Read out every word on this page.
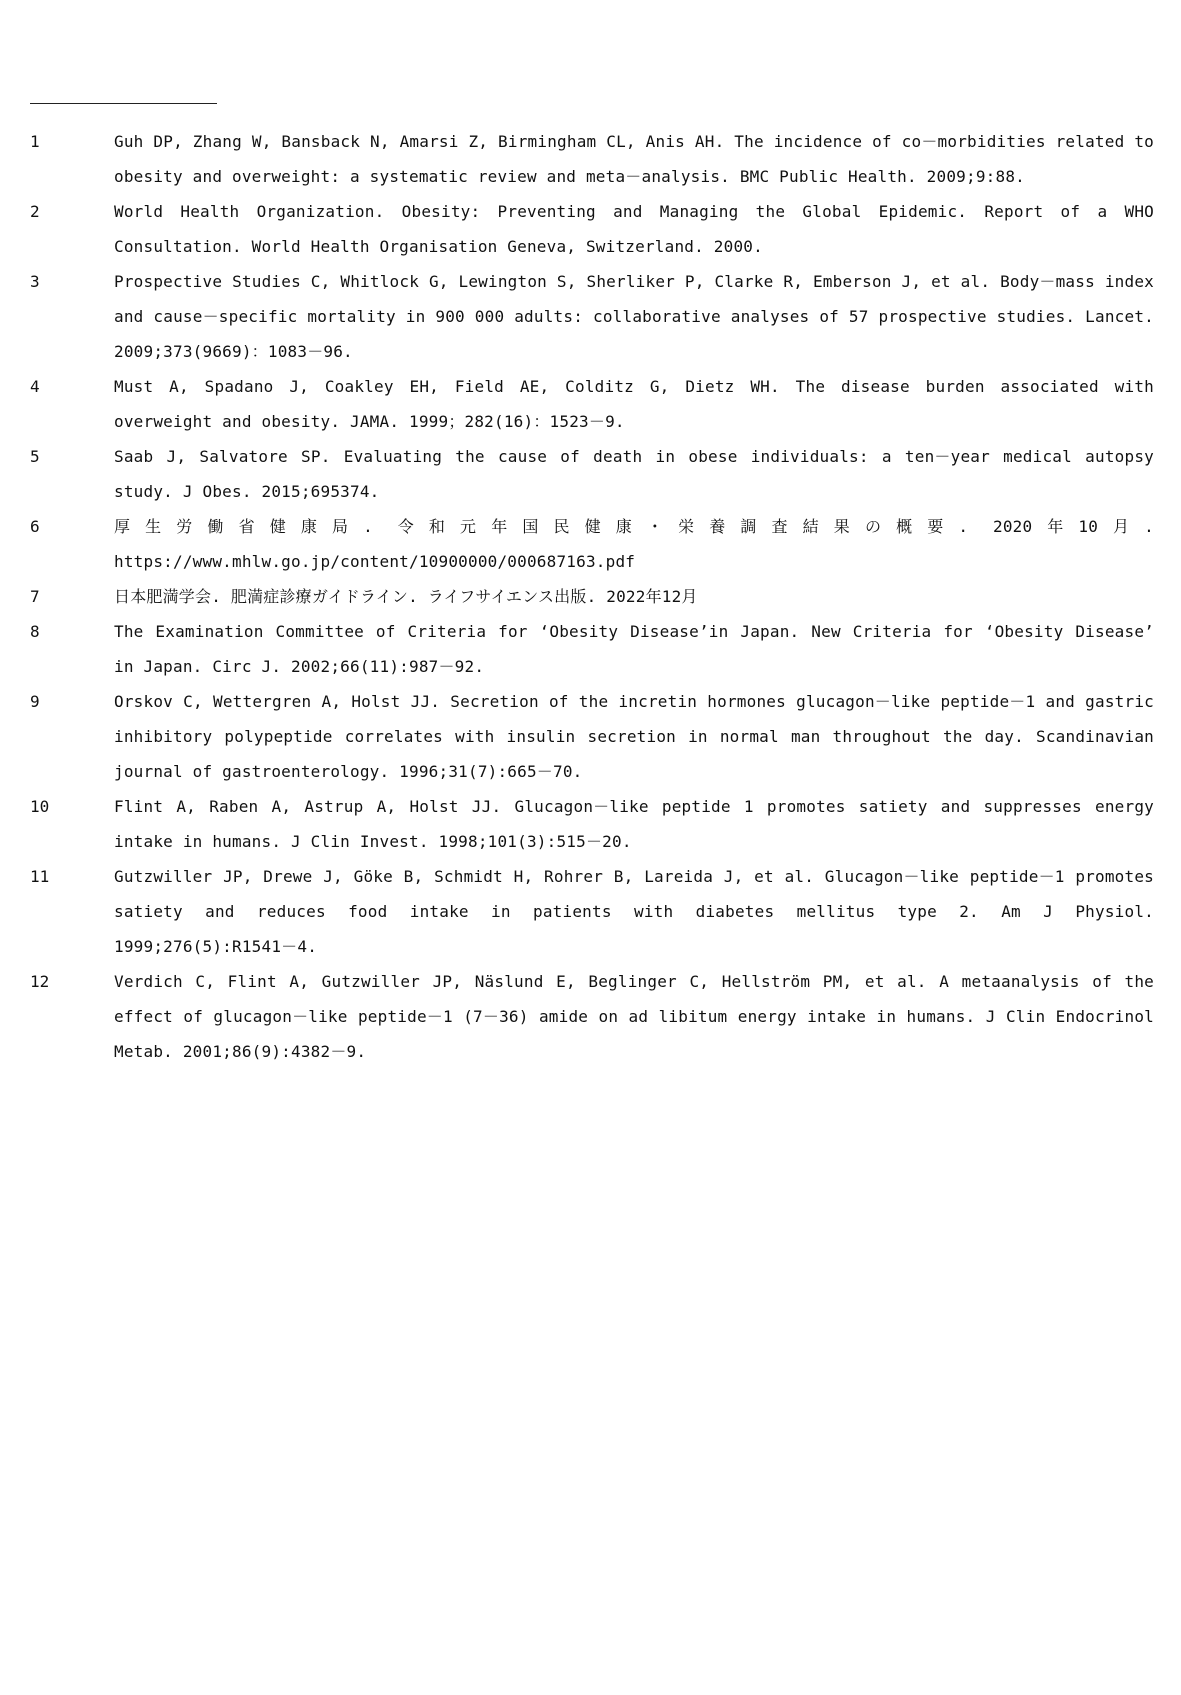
1	Guh DP, Zhang W, Bansback N, Amarsi Z, Birmingham CL, Anis AH. The incidence of co－morbidities related to obesity and overweight: a systematic review and meta－analysis. BMC Public Health. 2009;9:88.
2	World Health Organization. Obesity: Preventing and Managing the Global Epidemic. Report of a WHO Consultation. World Health Organisation Geneva, Switzerland. 2000.
3	Prospective Studies C, Whitlock G, Lewington S, Sherliker P, Clarke R, Emberson J, et al. Body－mass index and cause－specific mortality in 900 000 adults: collaborative analyses of 57 prospective studies. Lancet. 2009;373(9669)：1083－96.
4	Must A, Spadano J, Coakley EH, Field AE, Colditz G, Dietz WH. The disease burden associated with overweight and obesity. JAMA. 1999；282(16)：1523－9.
5	Saab J, Salvatore SP. Evaluating the cause of death in obese individuals: a ten－year medical autopsy study. J Obes. 2015;695374.
6	厚生労働省健康局. 令和元年国民健康・栄養調査結果の概要. 2020年10月. https://www.mhlw.go.jp/content/10900000/000687163.pdf
7	日本肥満学会. 肥満症診療ガイドライン. ライフサイエンス出版. 2022年12月
8	The Examination Committee of Criteria for ‘Obesity Disease’in Japan. New Criteria for ‘Obesity Disease’ in Japan. Circ J. 2002;66(11):987－92.
9	Orskov C, Wettergren A, Holst JJ. Secretion of the incretin hormones glucagon－like peptide－1 and gastric inhibitory polypeptide correlates with insulin secretion in normal man throughout the day. Scandinavian journal of gastroenterology. 1996;31(7):665－70.
10	Flint A, Raben A, Astrup A, Holst JJ. Glucagon－like peptide 1 promotes satiety and suppresses energy intake in humans. J Clin Invest. 1998;101(3):515－20.
11	Gutzwiller JP, Drewe J, Göke B, Schmidt H, Rohrer B, Lareida J, et al. Glucagon－like peptide－1 promotes satiety and reduces food intake in patients with diabetes mellitus type 2. Am J Physiol. 1999;276(5):R1541－4.
12	Verdich C, Flint A, Gutzwiller JP, Näslund E, Beglinger C, Hellström PM, et al. A metaanalysis of the effect of glucagon－like peptide－1 (7－36) amide on ad libitum energy intake in humans. J Clin Endocrinol Metab. 2001;86(9):4382－9.
